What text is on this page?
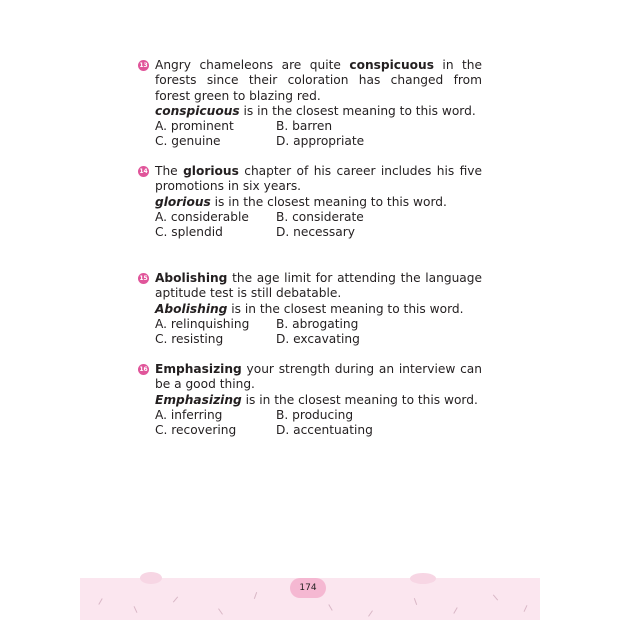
13 Angry chameleons are quite conspicuous in the forests since their coloration has changed from forest green to blazing red.
conspicuous is in the closest meaning to this word.
A. prominent	B. barren
C. genuine	D. appropriate
14 The glorious chapter of his career includes his five promotions in six years.
glorious is in the closest meaning to this word.
A. considerable	B. considerate
C. splendid	D. necessary
15 Abolishing the age limit for attending the language aptitude test is still debatable.
Abolishing is in the closest meaning to this word.
A. relinquishing	B. abrogating
C. resisting	D. excavating
16 Emphasizing your strength during an interview can be a good thing.
Emphasizing is in the closest meaning to this word.
A. inferring	B. producing
C. recovering	D. accentuating
174
